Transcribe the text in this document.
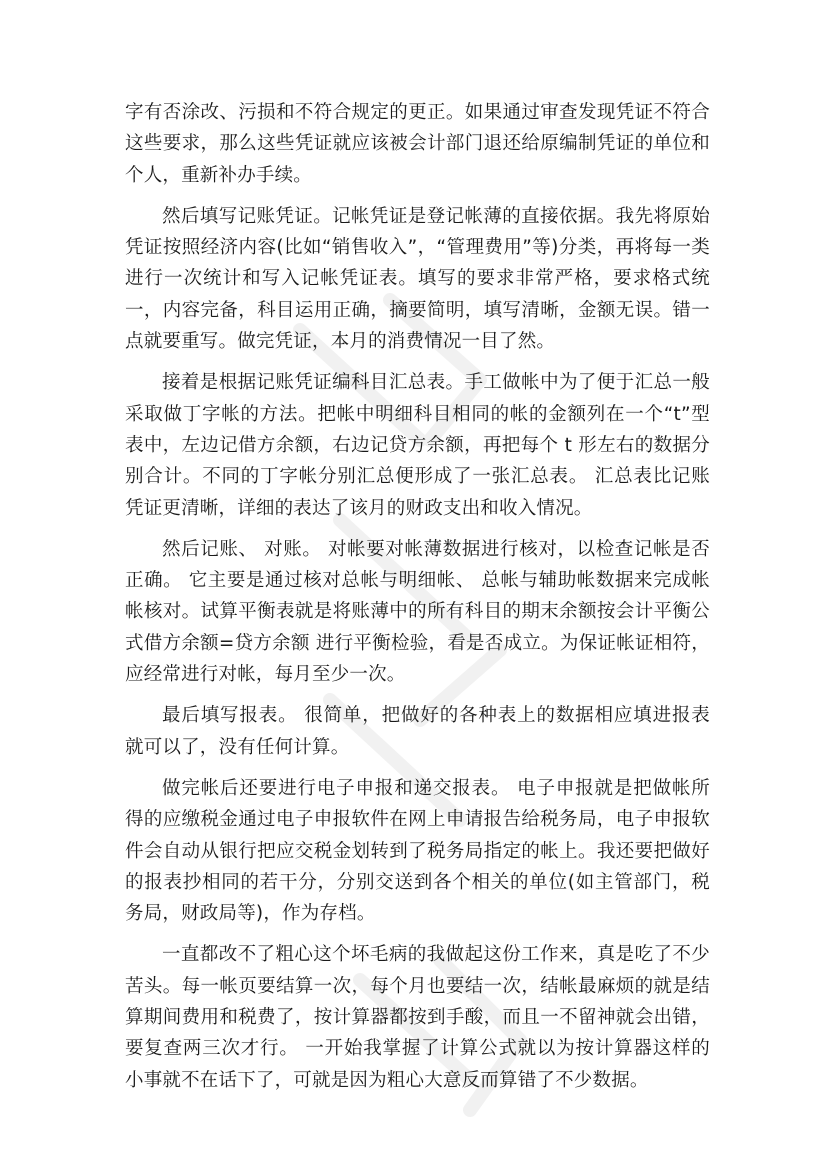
字有否涂改、污损和不符合规定的更正。如果通过审查发现凭证不符合这些要求，那么这些凭证就应该被会计部门退还给原编制凭证的单位和个人，重新补办手续。

然后填写记账凭证。记帐凭证是登记帐薄的直接依据。我先将原始凭证按照经济内容(比如“销售收入”，“管理费用”等)分类，再将每一类进行一次统计和写入记帐凭证表。填写的要求非常严格，要求格式统一，内容完备，科目运用正确，摘要简明，填写清晰，金额无误。错一点就要重写。做完凭证，本月的消费情况一目了然。

接着是根据记账凭证编科目汇总表。手工做帐中为了便于汇总一般采取做丁字帐的方法。把帐中明细科目相同的帐的金额列在一个“t”型表中，左边记借方余额，右边记贷方余额，再把每个 t 形左右的数据分别合计。不同的丁字帐分别汇总便形成了一张汇总表。 汇总表比记账凭证更清晰，详细的表达了该月的财政支出和收入情况。

然后记账、 对账。 对帐要对帐薄数据进行核对，以检查记帐是否正确。 它主要是通过核对总帐与明细帐、 总帐与辅助帐数据来完成帐帐核对。试算平衡表就是将账薄中的所有科目的期末余额按会计平衡公式借方余额=贷方余额 进行平衡检验，看是否成立。为保证帐证相符，应经常进行对帐，每月至少一次。

最后填写报表。 很简单，把做好的各种表上的数据相应填进报表就可以了，没有任何计算。

做完帐后还要进行电子申报和递交报表。 电子申报就是把做帐所得的应缴税金通过电子申报软件在网上申请报告给税务局，电子申报软件会自动从银行把应交税金划转到了税务局指定的帐上。我还要把做好的报表抄相同的若干分，分别交送到各个相关的单位(如主管部门，税务局，财政局等)，作为存档。

一直都改不了粗心这个坏毛病的我做起这份工作来，真是吃了不少苦头。每一帐页要结算一次，每个月也要结一次，结帐最麻烦的就是结算期间费用和税费了，按计算器都按到手酸，而且一不留神就会出错，要复查两三次才行。 一开始我掌握了计算公式就以为按计算器这样的小事就不在话下了，可就是因为粗心大意反而算错了不少数据。
